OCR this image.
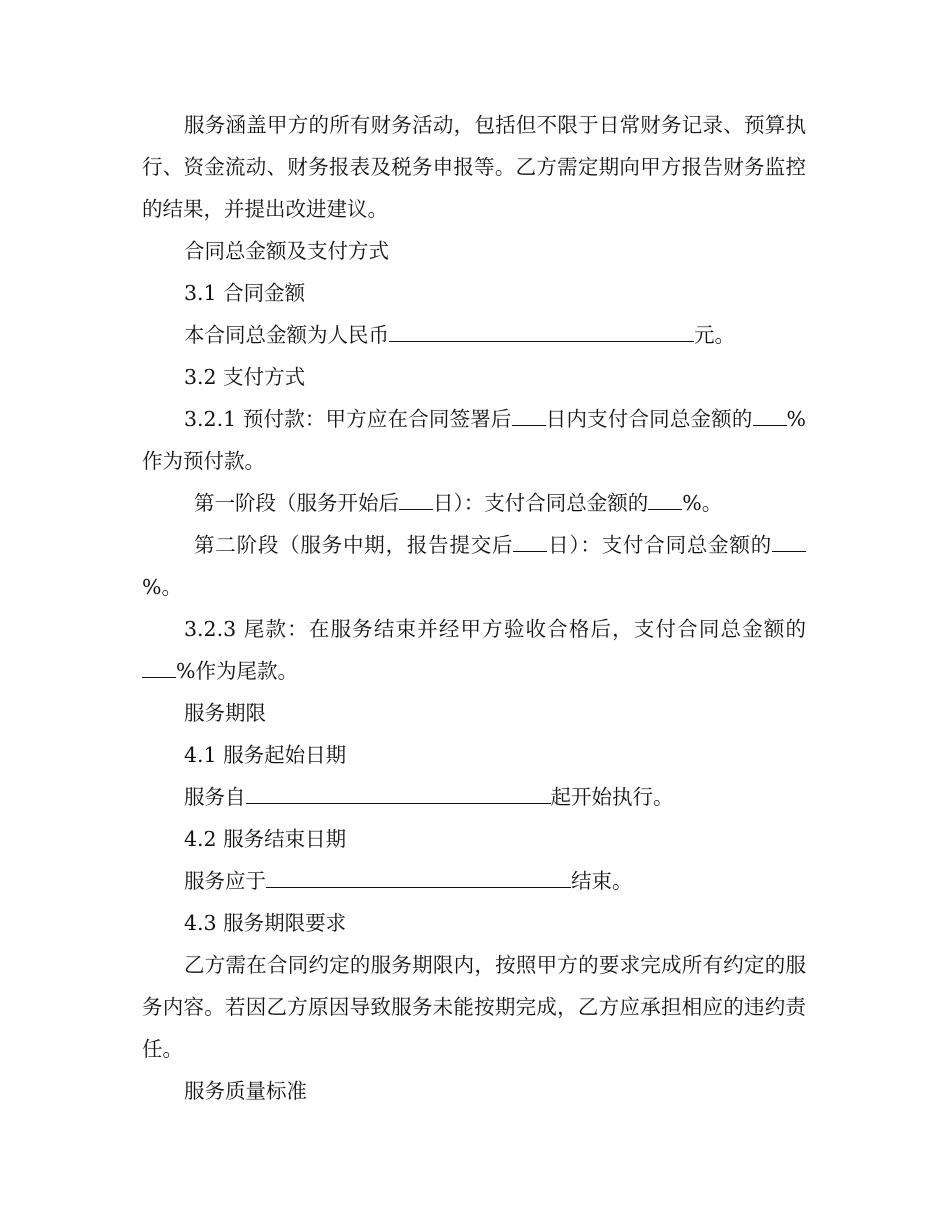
服务涵盖甲方的所有财务活动，包括但不限于日常财务记录、预算执行、资金流动、财务报表及税务申报等。乙方需定期向甲方报告财务监控的结果，并提出改进建议。

合同总金额及支付方式

3.1 合同金额

本合同总金额为人民币	元。

3.2 支付方式

3.2.1 预付款：甲方应在合同签署后 日内支付合同总金额的 %作为预付款。

第一阶段（服务开始后 日）：支付合同总金额的 %。

第二阶段（服务中期，报告提交后 日）：支付合同总金额的%。

3.2.3 尾款：在服务结束并经甲方验收合格后，支付合同总金额的%作为尾款。

服务期限

4.1 服务起始日期

服务自	起开始执行。

4.2 服务结束日期

服务应于	结束。

4.3 服务期限要求

乙方需在合同约定的服务期限内，按照甲方的要求完成所有约定的服务内容。若因乙方原因导致服务未能按期完成，乙方应承担相应的违约责任。

服务质量标准
